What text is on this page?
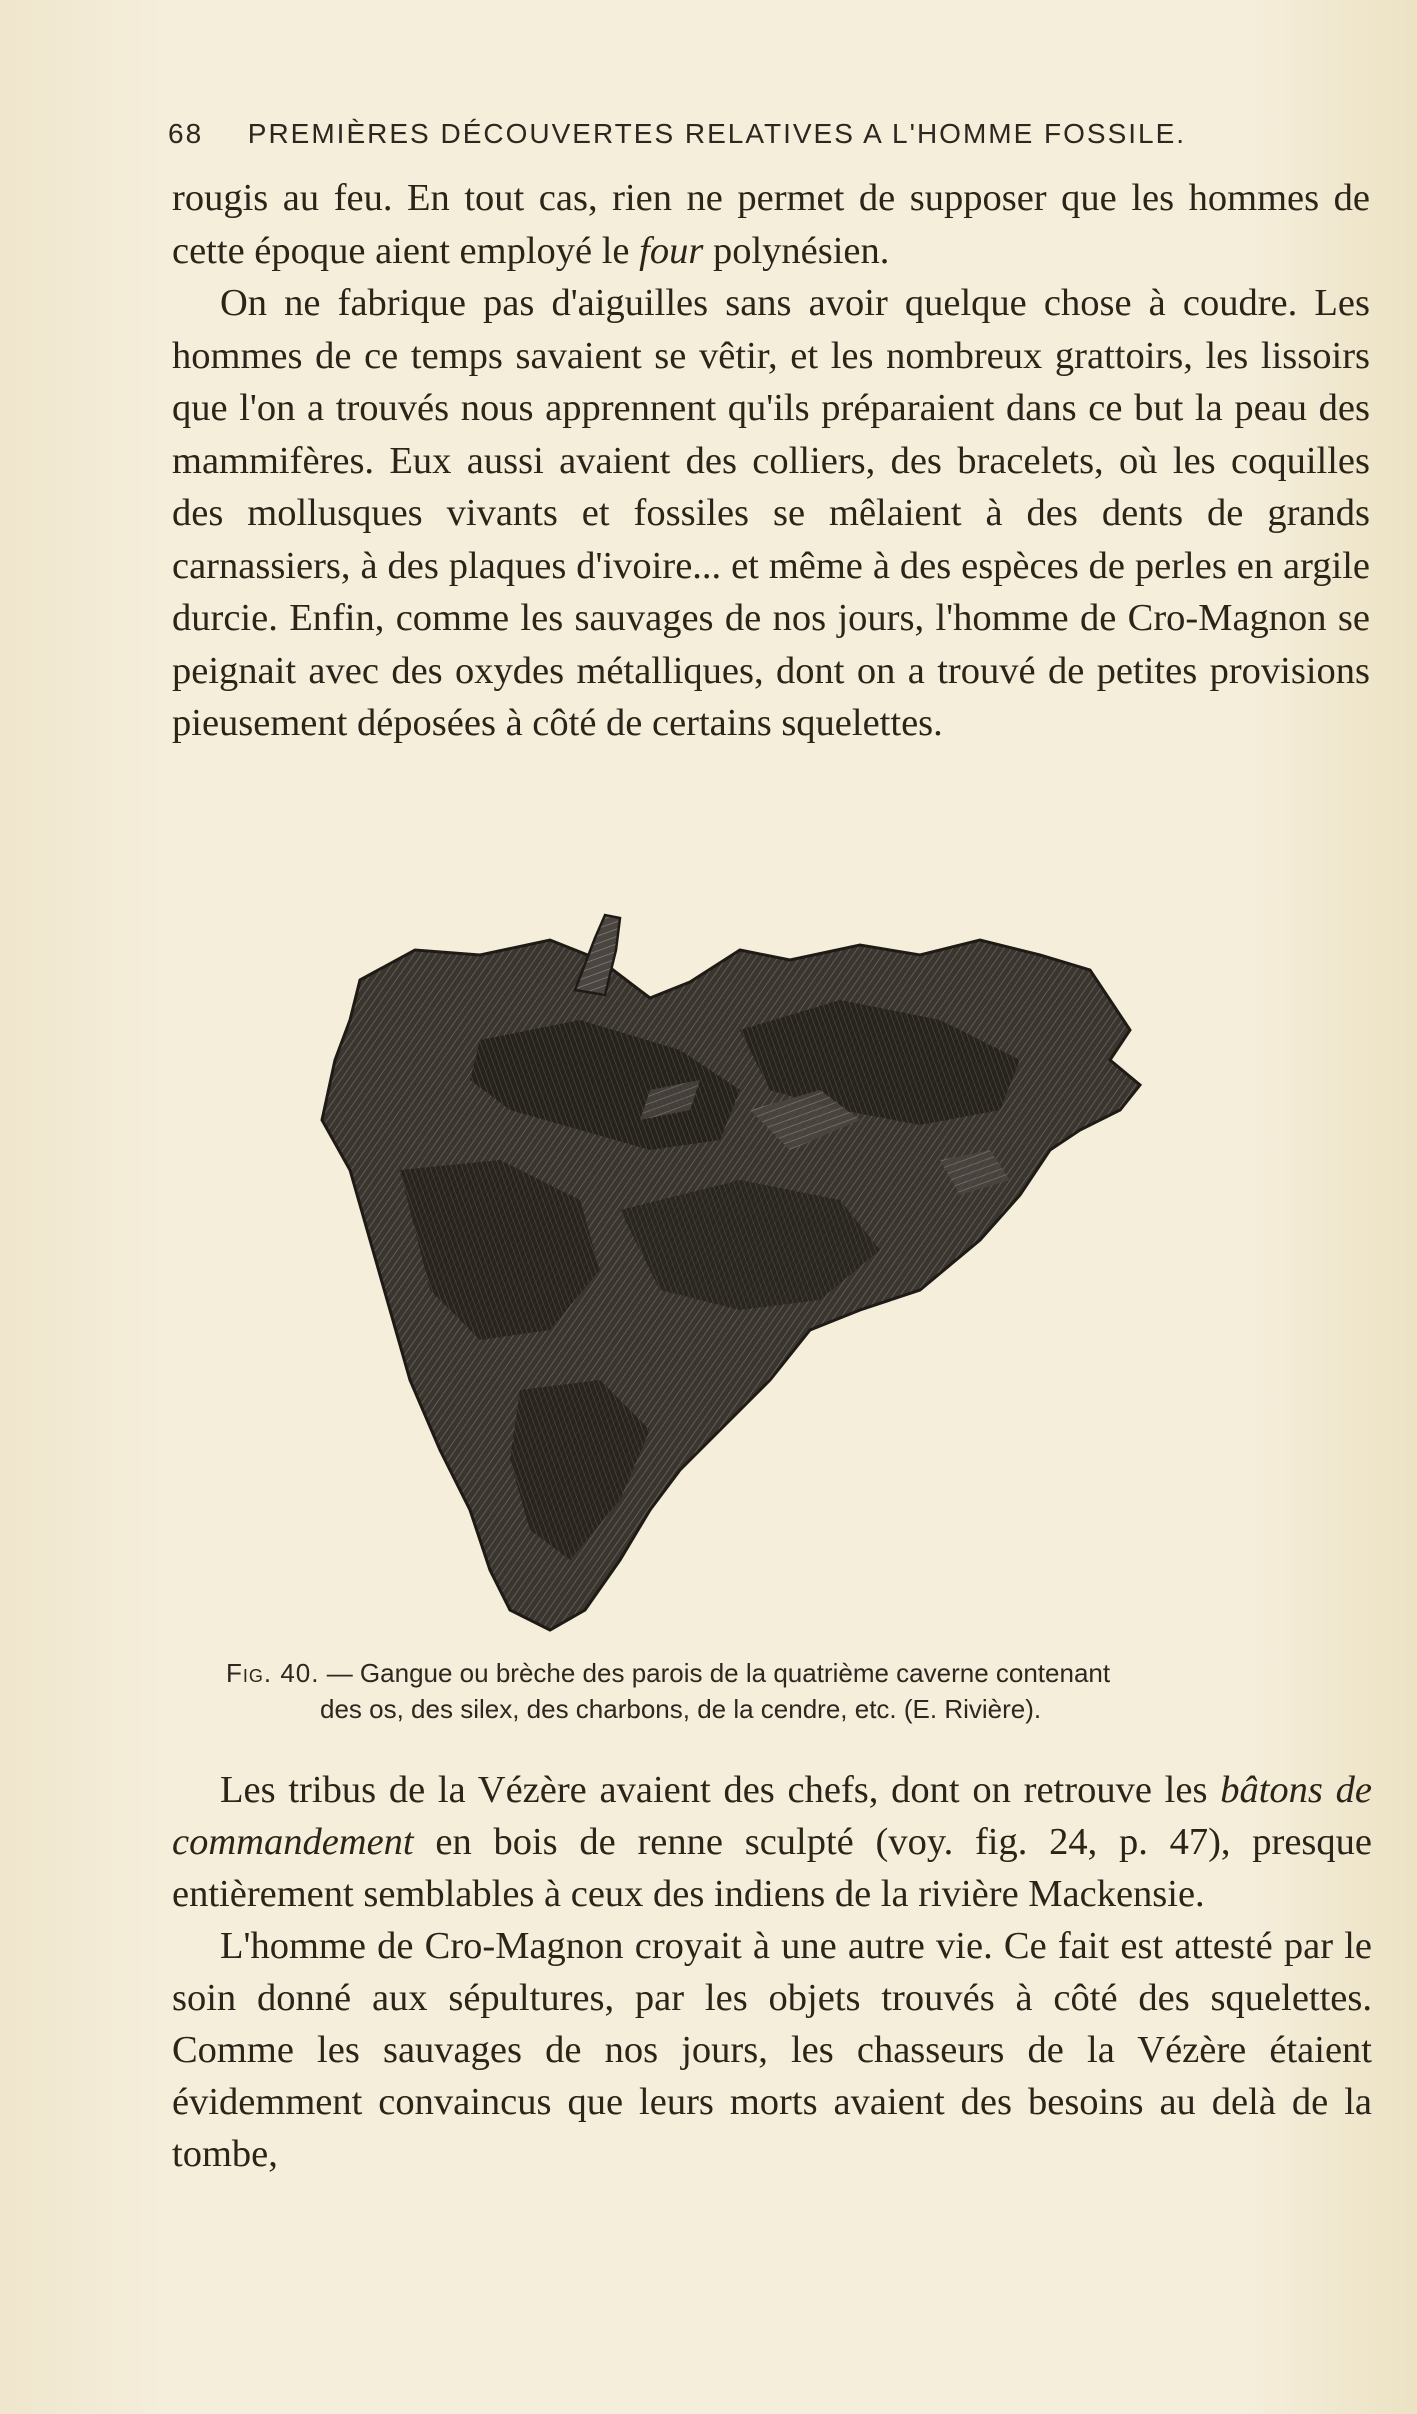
68 PREMIÈRES DÉCOUVERTES RELATIVES A L'HOMME FOSSILE.

rougis au feu. En tout cas, rien ne permet de supposer que les hommes de cette époque aient employé le four polynésien.

On ne fabrique pas d'aiguilles sans avoir quelque chose à coudre. Les hommes de ce temps savaient se vêtir, et les nombreux grattoirs, les lissoirs que l'on a trouvés nous apprennent qu'ils préparaient dans ce but la peau des mammifères. Eux aussi avaient des colliers, des bracelets, où les coquilles des mollusques vivants et fossiles se mêlaient à des dents de grands carnassiers, à des plaques d'ivoire... et même à des espèces de perles en argile durcie. Enfin, comme les sauvages de nos jours, l'homme de Cro-Magnon se peignait avec des oxydes métalliques, dont on a trouvé de petites provisions pieusement déposées à côté de certains squelettes.

Fig. 40. — Gangue ou brèche des parois de la quatrième caverne contenant
des os, des silex, des charbons, de la cendre, etc. (E. Rivière).

Les tribus de la Vézère avaient des chefs, dont on retrouve les bâtons de commandement en bois de renne sculpté (voy. fig. 24, p. 47), presque entièrement semblables à ceux des indiens de la rivière Mackensie.

L'homme de Cro-Magnon croyait à une autre vie. Ce fait est attesté par le soin donné aux sépultures, par les objets trouvés à côté des squelettes. Comme les sauvages de nos jours, les chasseurs de la Vézère étaient évidemment convaincus que leurs morts avaient des besoins au delà de la tombe,
